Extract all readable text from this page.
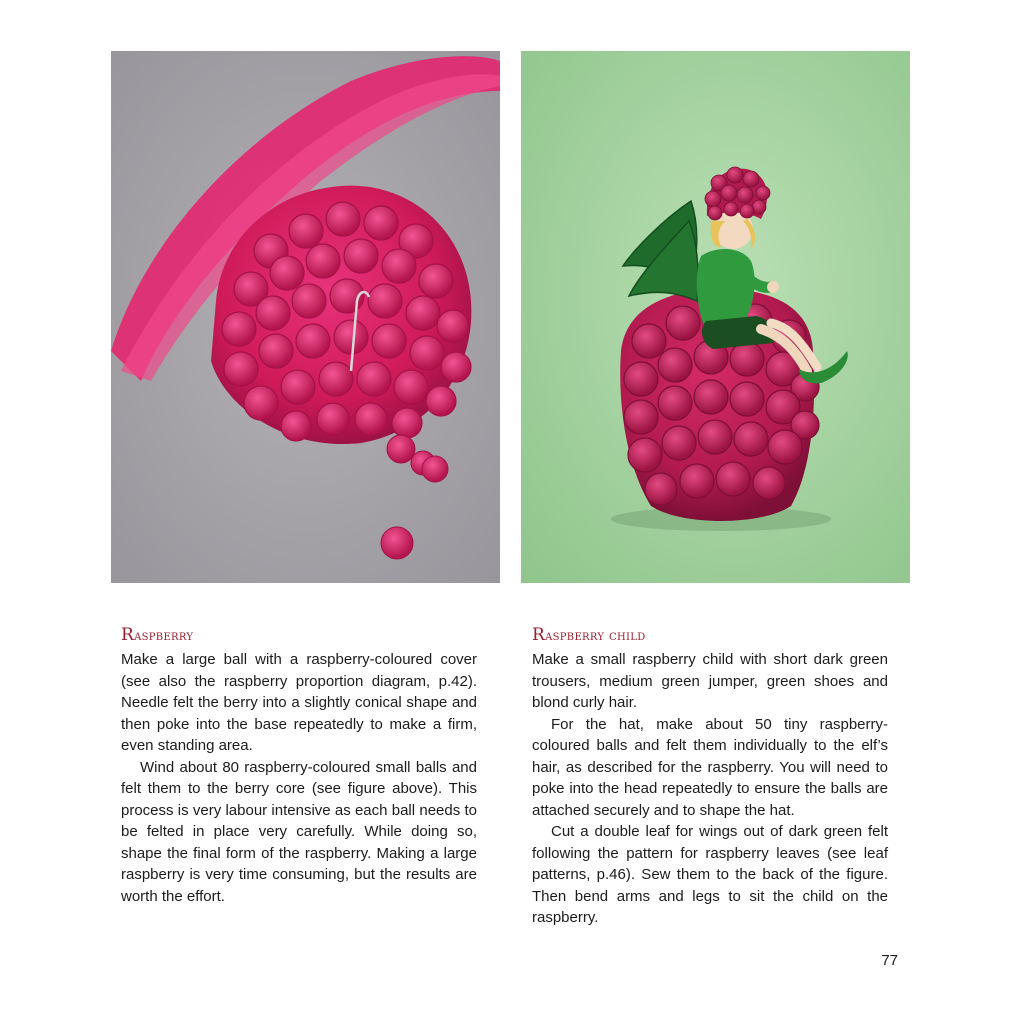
Raspberry

Make a large ball with a raspberry-coloured cover (see also the raspberry proportion diagram, p.42). Needle felt the berry into a slightly conical shape and then poke into the base repeatedly to make a firm, even standing area.

Wind about 80 raspberry-coloured small balls and felt them to the berry core (see figure above). This process is very labour intensive as each ball needs to be felted in place very carefully. While doing so, shape the final form of the raspberry. Making a large raspberry is very time consuming, but the results are worth the effort.

Raspberry child

Make a small raspberry child with short dark green trousers, medium green jumper, green shoes and blond curly hair.

For the hat, make about 50 tiny raspberry-coloured balls and felt them individually to the elf’s hair, as described for the raspberry. You will need to poke into the head repeatedly to ensure the balls are attached securely and to shape the hat.

Cut a double leaf for wings out of dark green felt following the pattern for raspberry leaves (see leaf patterns, p.46). Sew them to the back of the figure. Then bend arms and legs to sit the child on the raspberry.

77
